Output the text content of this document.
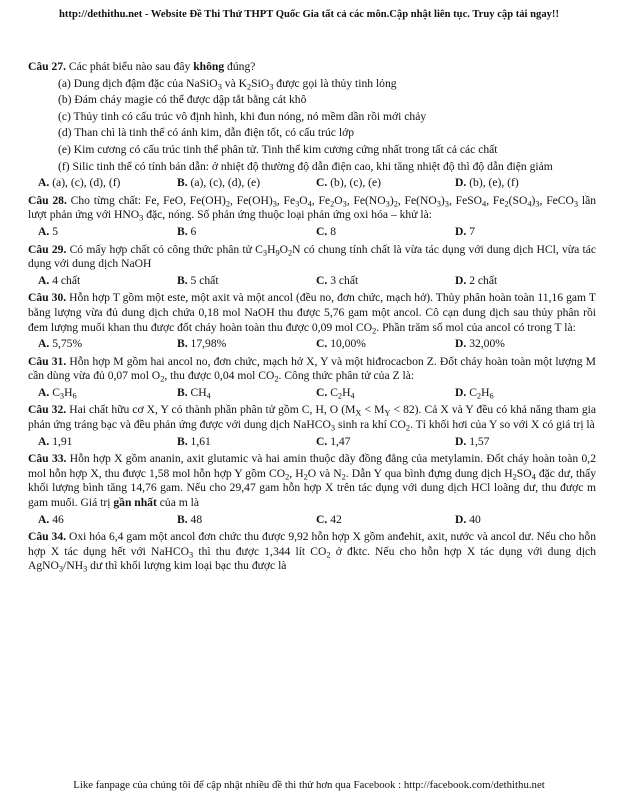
http://dethithu.net - Website Đề Thi Thử THPT Quốc Gia tất cả các môn.Cập nhật liên tục. Truy cập tải ngay!!
Câu 27. Các phát biểu nào sau đây không đúng?
(a) Dung dịch đậm đặc của NaSiO$_3$ và $K_2SiO_3$ được gọi là thủy tinh lỏng
(b) Đám cháy magie có thể được dập tắt bằng cát khô
(c) Thủy tinh có cấu trúc vô định hình, khi đun nóng, nó mềm dần rồi mới chảy
(d) Than chì là tinh thể có ánh kim, dẫn điện tốt, có cấu trúc lớp
(e) Kim cương có cấu trúc tinh thể phân tử. Tinh thể kim cương cứng nhất trong tất cả các chất
(f) Silic tinh thể có tính bán dẫn: ở nhiệt độ thường độ dẫn điện cao, khi tăng nhiệt độ thì độ dẫn điện giảm
A. (a), (c), (d), (f)	B. (a), (c), (d), (e)	C. (b), (c), (e)	D. (b), (e), (f)
Câu 28. Cho từng chất: Fe, FeO, $Fe(OH)_2$, $Fe(OH)_3$, $Fe_3O_4$, $Fe_2O_3$, $Fe(NO_3)_2$, $Fe(NO_3)_3$, FeSO$_4$, $Fe_2(SO_4)_3$, FeCO$_3$ lần lượt phản ứng với $HNO_3$ đặc, nóng. Số phản ứng thuộc loại phản ứng oxi hóa – khử là:
A. 5	B. 6	C. 8	D. 7
Câu 29. Có mấy hợp chất có công thức phân tử $C_3H_9O_2N$ có chung tính chất là vừa tác dụng với dung dịch HCl, vừa tác dụng với dung dịch NaOH
A. 4 chất	B. 5 chất	C. 3 chất	D. 2 chất
Câu 30. Hỗn hợp T gồm một este, một axit và một ancol (đều no, đơn chức, mạch hở). Thủy phân hoàn toàn 11,16 gam T bằng lượng vừa đủ dung dịch chứa 0,18 mol NaOH thu được 5,76 gam một ancol. Cô cạn dung dịch sau thủy phân rồi đem lượng muối khan thu được đốt cháy hoàn toàn thu được 0,09 mol $CO_2$. Phần trăm số mol của ancol có trong T là:
A. 5,75%	B. 17,98%	C. 10,00%	D. 32,00%
Câu 31. Hỗn hợp M gồm hai ancol no, đơn chức, mạch hở X, Y và một hiđrocacbon Z. Đốt cháy hoàn toàn một lượng M cần dùng vừa đủ 0,07 mol $O_2$, thu được 0,04 mol $CO_2$. Công thức phân tử của Z là:
A. $C_3H_6$	B. $CH_4$	C. $C_2H_4$	D. $C_2H_6$
Câu 32. Hai chất hữu cơ X, Y có thành phần phân tử gồm C, H, O $(M_X < M_Y < 82)$. Cả X và Y đều có khả năng tham gia phản ứng tráng bạc và đều phản ứng được với dung dịch NaHCO$_3$ sinh ra khí $CO_2$. Tỉ khối hơi của Y so với X có giá trị là
A. 1,91	B. 1,61	C. 1,47	D. 1,57
Câu 33. Hỗn hợp X gồm ananin, axit glutamic và hai amin thuộc dãy đồng đẳng của metylamin. Đốt cháy hoàn toàn 0,2 mol hỗn hợp X, thu được 1,58 mol hỗn hợp Y gồm $CO_2$, $H_2O$ và $N_2$. Dẫn Y qua bình đựng dung dịch $H_2SO_4$ đặc dư, thấy khối lượng bình tăng 14,76 gam. Nếu cho 29,47 gam hỗn hợp X trên tác dụng với dung dịch HCl loãng dư, thu được m gam muối. Giá trị gần nhất của m là
A. 46	B. 48	C. 42	D. 40
Câu 34. Oxi hóa 6,4 gam một ancol đơn chức thu được 9,92 hỗn hợp X gồm anđehit, axit, nước và ancol dư. Nếu cho hỗn hợp X tác dụng hết với NaHCO$_3$ thì thu được 1,344 lít $CO_2$ ở đktc. Nếu cho hỗn hợp X tác dụng với dung dịch $AgNO_3/NH_3$ dư thì khối lượng kim loại bạc thu được là
Like fanpage của chúng tôi để cập nhật nhiều đề thi thử hơn qua Facebook : http://facebook.com/dethithu.net
